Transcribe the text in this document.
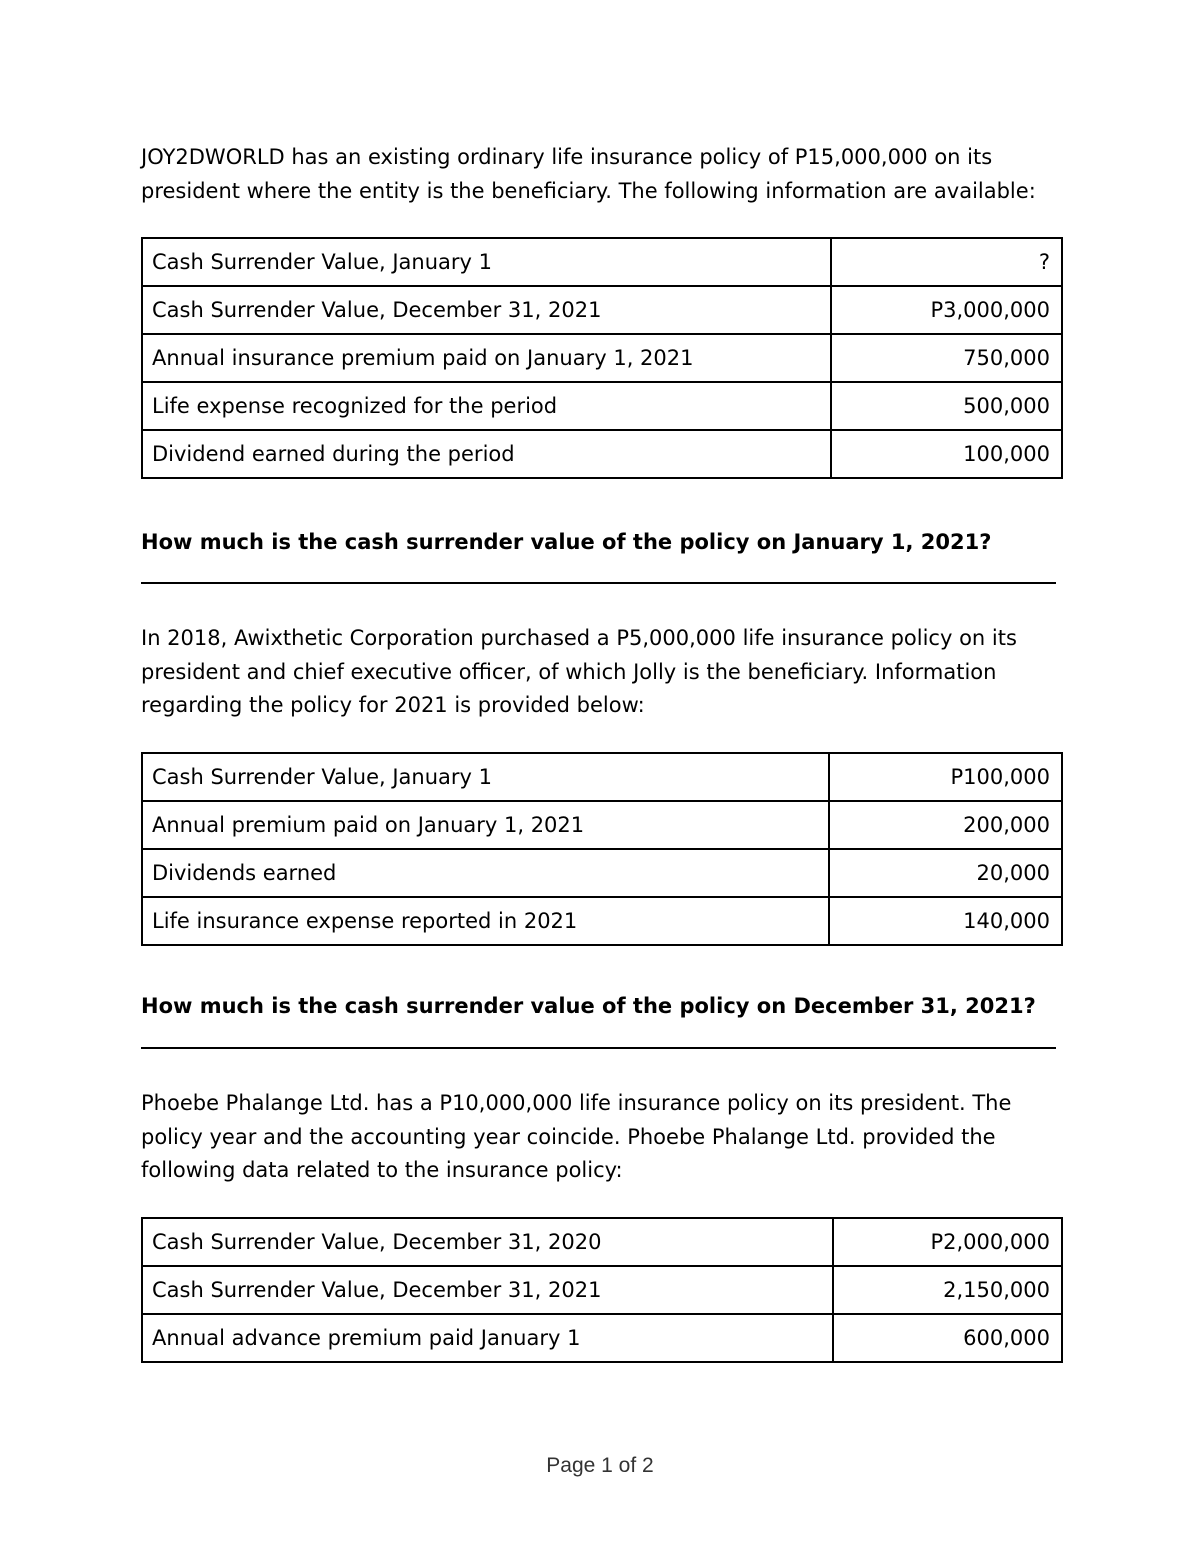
JOY2DWORLD has an existing ordinary life insurance policy of P15,000,000 on its president where the entity is the beneficiary. The following information are available:

Cash Surrender Value, January 1	?
Cash Surrender Value, December 31, 2021	P3,000,000
Annual insurance premium paid on January 1, 2021	750,000
Life expense recognized for the period	500,000
Dividend earned during the period	100,000

How much is the cash surrender value of the policy on January 1, 2021?

In 2018, Awixthetic Corporation purchased a P5,000,000 life insurance policy on its president and chief executive officer, of which Jolly is the beneficiary. Information regarding the policy for 2021 is provided below:

Cash Surrender Value, January 1	P100,000
Annual premium paid on January 1, 2021	200,000
Dividends earned	20,000
Life insurance expense reported in 2021	140,000

How much is the cash surrender value of the policy on December 31, 2021?

Phoebe Phalange Ltd. has a P10,000,000 life insurance policy on its president. The policy year and the accounting year coincide. Phoebe Phalange Ltd. provided the following data related to the insurance policy:

Cash Surrender Value, December 31, 2020	P2,000,000
Cash Surrender Value, December 31, 2021	2,150,000
Annual advance premium paid January 1	600,000
Page 1 of 2
